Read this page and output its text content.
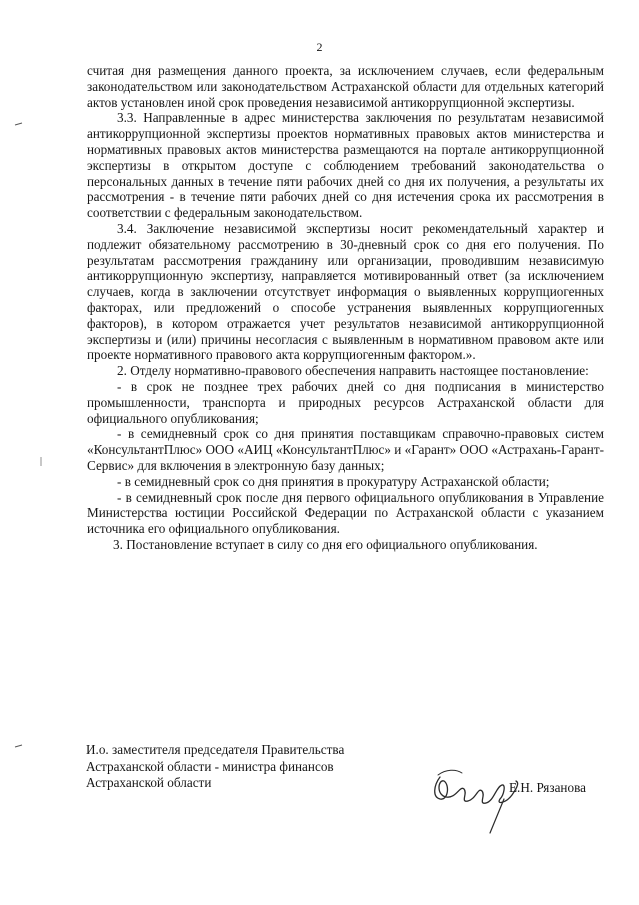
2

считая дня размещения данного проекта, за исключением случаев, если федеральным законодательством или законодательством Астраханской области для отдельных категорий актов установлен иной срок проведения независимой антикоррупционной экспертизы.

3.3. Направленные в адрес министерства заключения по результатам независимой антикоррупционной экспертизы проектов нормативных правовых актов министерства и нормативных правовых актов министерства размещаются на портале антикоррупционной экспертизы в открытом доступе с соблюдением требований законодательства о персональных данных в течение пяти рабочих дней со дня их получения, а результаты их рассмотрения - в течение пяти рабочих дней со дня истечения срока их рассмотрения в соответствии с федеральным законодательством.

3.4. Заключение независимой экспертизы носит рекомендательный характер и подлежит обязательному рассмотрению в 30-дневный срок со дня его получения. По результатам рассмотрения гражданину или организации, проводившим независимую антикоррупционную экспертизу, направляется мотивированный ответ (за исключением случаев, когда в заключении отсутствует информация о выявленных коррупциогенных факторах, или предложений о способе устранения выявленных коррупциогенных факторов), в котором отражается учет результатов независимой антикоррупционной экспертизы и (или) причины несогласия с выявленным в нормативном правовом акте или проекте нормативного правового акта коррупциогенным фактором.».

2. Отделу нормативно-правового обеспечения направить настоящее постановление:

- в срок не позднее трех рабочих дней со дня подписания в министерство промышленности, транспорта и природных ресурсов Астраханской области для официального опубликования;

- в семидневный срок со дня принятия поставщикам справочно-правовых систем «КонсультантПлюс» ООО «АИЦ «КонсультантПлюс» и «Гарант» ООО «Астрахань-Гарант-Сервис» для включения в электронную базу данных;

- в семидневный срок со дня принятия в прокуратуру Астраханской области;

- в семидневный срок после дня первого официального опубликования в Управление Министерства юстиции Российской Федерации по Астраханской области с указанием источника его официального опубликования.

3. Постановление вступает в силу со дня его официального опубликования.

И.о. заместителя председателя Правительства
Астраханской области - министра финансов
Астраханской области	Е.Н. Рязанова
